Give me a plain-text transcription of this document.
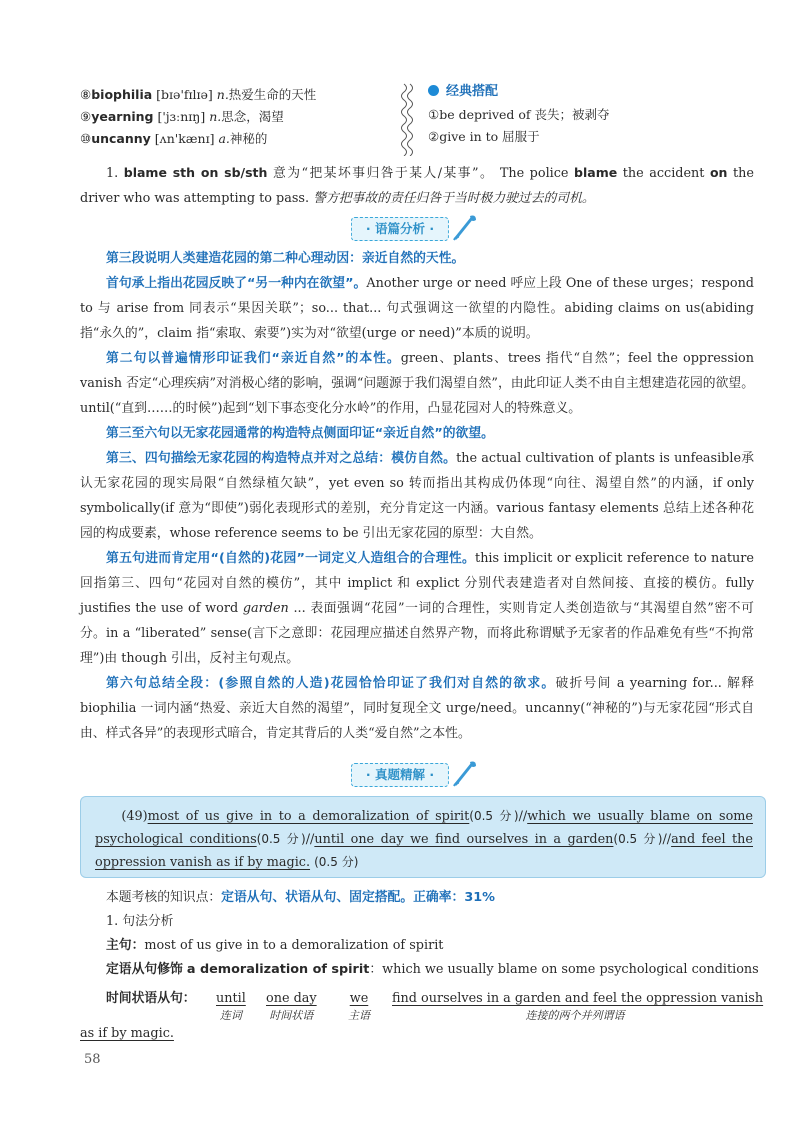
⑧biophilia [bɪə'fɪlɪə] n.热爱生命的天性
⑨yearning ['jɜːnɪŋ] n.思念，渴望
⑩uncanny [ʌn'kænɪ] a.神秘的
经典搭配
①be deprived of 丧失；被剥夺
②give in to 屈服于
1. blame sth on sb/sth 意为“把某坏事归咎于某人/某事”。 The police blame the accident on the driver who was attempting to pass. 警方把事故的责任归咎于当时极力驶过去的司机。
· 语篇分析 ·
第三段说明人类建造花园的第二种心理动因：亲近自然的天性。
首句承上指出花园反映了“另一种内在欲望”。Another urge or need 呼应上段 One of these urges；respond to 与 arise from 同表示“果因关联”；so... that... 句式强调这一欲望的内隐性。abiding claims on us(abiding 指“永久的”，claim 指“索取、索要”)实为对“欲望(urge or need)”本质的说明。
第二句以普遍情形印证我们“亲近自然”的本性。green、plants、trees 指代“自然”；feel the oppression vanish 否定“心理疾病”对消极心绪的影响，强调“问题源于我们渴望自然”，由此印证人类不由自主想建造花园的欲望。until(“直到……的时候”)起到“划下事态变化分水岭”的作用，凸显花园对人的特殊意义。
第三至六句以无家花园通常的构造特点侧面印证“亲近自然”的欲望。
第三、四句描绘无家花园的构造特点并对之总结：模仿自然。the actual cultivation of plants is unfeasible承认无家花园的现实局限“自然绿植欠缺”，yet even so 转而指出其构成仍体现“向往、渴望自然”的内涵，if only symbolically(if 意为“即使”)弱化表现形式的差别，充分肯定这一内涵。various fantasy elements 总结上述各种花园的构成要素，whose reference seems to be 引出无家花园的原型：大自然。
第五句进而肯定用“(自然的)花园”一词定义人造组合的合理性。this implicit or explicit reference to nature 回指第三、四句“花园对自然的模仿”，其中 implict 和 explict 分别代表建造者对自然间接、直接的模仿。fully justifies the use of word garden ... 表面强调“花园”一词的合理性，实则肯定人类创造欲与“其渴望自然”密不可分。in a “liberated” sense(言下之意即：花园理应描述自然界产物，而将此称谓赋予无家者的作品难免有些“不拘常理”)由 though 引出，反衬主句观点。
第六句总结全段：(参照自然的人造)花园恰恰印证了我们对自然的欲求。破折号间 a yearning for... 解释 biophilia 一词内涵“热爱、亲近大自然的渴望”，同时复现全文 urge/need。uncanny(“神秘的”)与无家花园“形式自由、样式各异”的表现形式暗合，肯定其背后的人类“爱自然”之本性。
· 真题精解 ·
(49)most of us give in to a demoralization of spirit(0.5 分)//which we usually blame on some psychological conditions(0.5 分)//until one day we find ourselves in a garden(0.5 分)//and feel the oppression vanish as if by magic. (0.5 分)
本题考核的知识点：定语从句、状语从句、固定搭配。正确率：31%
1. 句法分析
主句：most of us give in to a demoralization of spirit
定语从句修饰 a demoralization of spirit：which we usually blame on some psychological conditions
时间状语从句： until
连词
one day
时间状语
we
主语
find ourselves in a garden and feel the oppression vanish
连接的两个并列谓语
as if by magic.
58
